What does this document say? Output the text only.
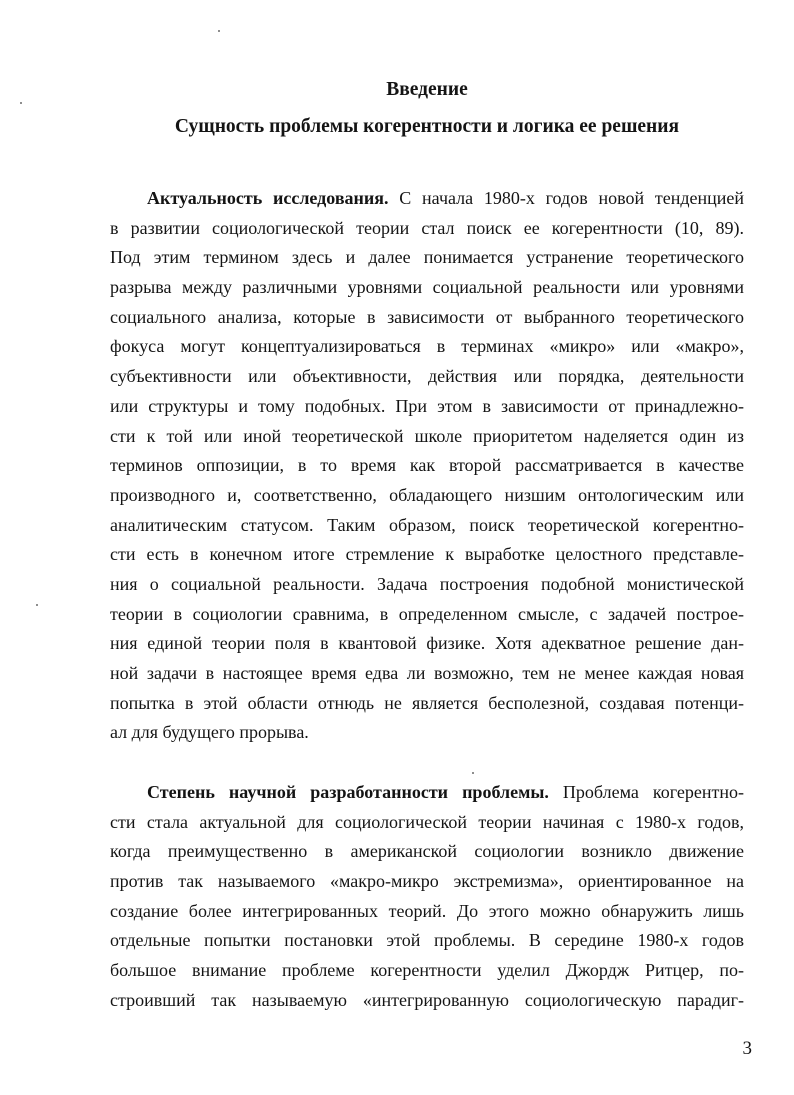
Введение
Сущность проблемы когерентности и логика ее решения
Актуальность исследования. С начала 1980-х годов новой тенденцией
в развитии социологической теории стал поиск ее когерентности (10, 89).
Под этим термином здесь и далее понимается устранение теоретического
разрыва между различными уровнями социальной реальности или уровнями
социального анализа, которые в зависимости от выбранного теоретического
фокуса могут концептуализироваться в терминах «микро» или «макро»,
субъективности или объективности, действия или порядка, деятельности
или структуры и тому подобных. При этом в зависимости от принадлежно-
сти к той или иной теоретической школе приоритетом наделяется один из
терминов оппозиции, в то время как второй рассматривается в качестве
производного и, соответственно, обладающего низшим онтологическим или
аналитическим статусом. Таким образом, поиск теоретической когерентно-
сти есть в конечном итоге стремление к выработке целостного представле-
ния о социальной реальности. Задача построения подобной монистической
теории в социологии сравнима, в определенном смысле, с задачей построе-
ния единой теории поля в квантовой физике. Хотя адекватное решение дан-
ной задачи в настоящее время едва ли возможно, тем не менее каждая новая
попытка в этой области отнюдь не является бесполезной, создавая потенци-
ал для будущего прорыва.
Степень научной разработанности проблемы. Проблема когерентно-
сти стала актуальной для социологической теории начиная с 1980-х годов,
когда преимущественно в американской социологии возникло движение
против так называемого «макро-микро экстремизма», ориентированное на
создание более интегрированных теорий. До этого можно обнаружить лишь
отдельные попытки постановки этой проблемы. В середине 1980-х годов
большое внимание проблеме когерентности уделил Джордж Ритцер, по-
строивший так называемую «интегрированную социологическую парадиг-
3
